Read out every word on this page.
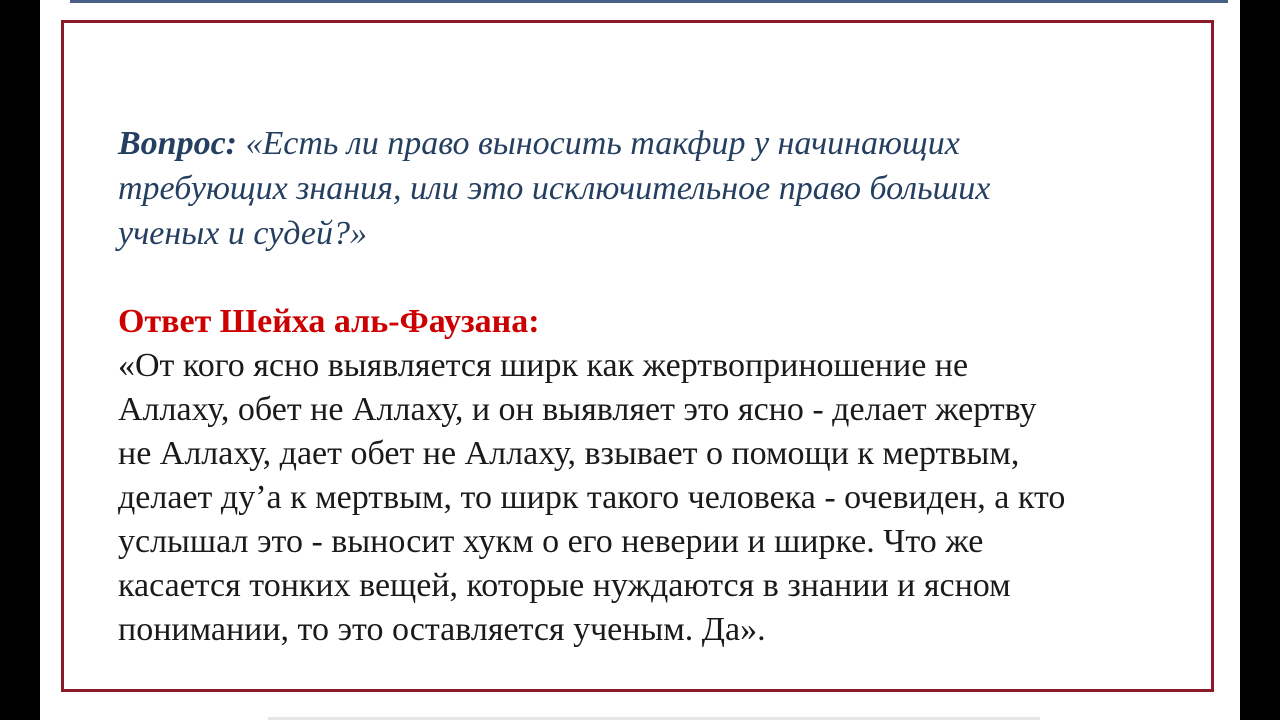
Вопрос: «Есть ли право выносить такфир у начинающих
требующих знания, или это исключительное право больших
ученых и судей?»
Ответ Шейха аль-Фаузана:
«От кого ясно выявляется ширк как жертвоприношение не
Аллаху, обет не Аллаху, и он выявляет это ясно - делает жертву
не Аллаху, дает обет не Аллаху, взывает о помощи к мертвым,
делает ду’а к мертвым, то ширк такого человека - очевиден, а кто
услышал это - выносит хукм о его неверии и ширке. Что же
касается тонких вещей, которые нуждаются в знании и ясном
понимании, то это оставляется ученым. Да».
